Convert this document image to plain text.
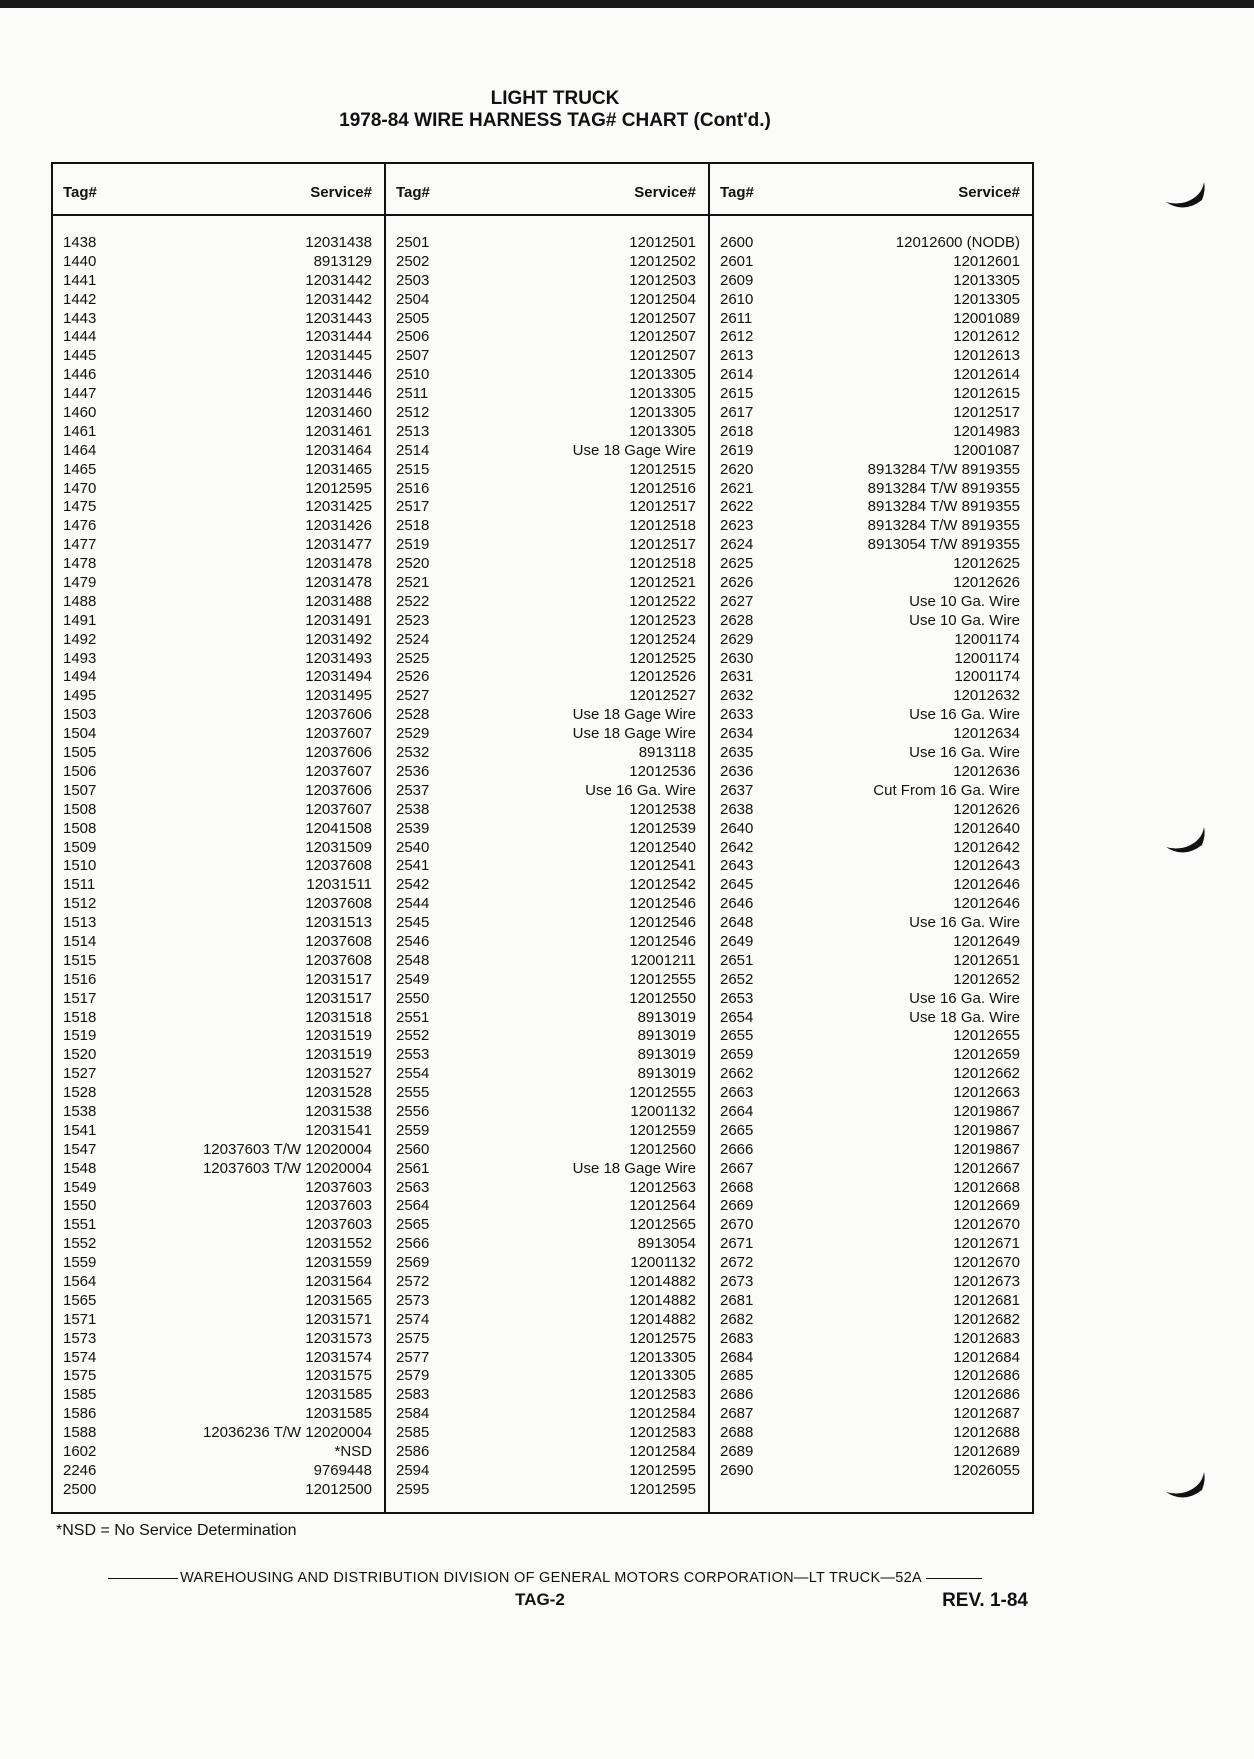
LIGHT TRUCK
1978-84 WIRE HARNESS TAG# CHART (Cont'd.)
Tag#	Service#
1438	12031438
1440	8913129
1441	12031442
1442	12031442
1443	12031443
1444	12031444
1445	12031445
1446	12031446
1447	12031446
1460	12031460
1461	12031461
1464	12031464
1465	12031465
1470	12012595
1475	12031425
1476	12031426
1477	12031477
1478	12031478
1479	12031478
1488	12031488
1491	12031491
1492	12031492
1493	12031493
1494	12031494
1495	12031495
1503	12037606
1504	12037607
1505	12037606
1506	12037607
1507	12037606
1508	12037607
1508	12041508
1509	12031509
1510	12037608
1511	12031511
1512	12037608
1513	12031513
1514	12037608
1515	12037608
1516	12031517
1517	12031517
1518	12031518
1519	12031519
1520	12031519
1527	12031527
1528	12031528
1538	12031538
1541	12031541
1547	12037603 T/W 12020004
1548	12037603 T/W 12020004
1549	12037603
1550	12037603
1551	12037603
1552	12031552
1559	12031559
1564	12031564
1565	12031565
1571	12031571
1573	12031573
1574	12031574
1575	12031575
1585	12031585
1586	12031585
1588	12036236 T/W 12020004
1602	*NSD
2246	9769448
2500	12012500
Tag#	Service#
2501	12012501
2502	12012502
2503	12012503
2504	12012504
2505	12012507
2506	12012507
2507	12012507
2510	12013305
2511	12013305
2512	12013305
2513	12013305
2514	Use 18 Gage Wire
2515	12012515
2516	12012516
2517	12012517
2518	12012518
2519	12012517
2520	12012518
2521	12012521
2522	12012522
2523	12012523
2524	12012524
2525	12012525
2526	12012526
2527	12012527
2528	Use 18 Gage Wire
2529	Use 18 Gage Wire
2532	8913118
2536	12012536
2537	Use 16 Ga. Wire
2538	12012538
2539	12012539
2540	12012540
2541	12012541
2542	12012542
2544	12012546
2545	12012546
2546	12012546
2548	12001211
2549	12012555
2550	12012550
2551	8913019
2552	8913019
2553	8913019
2554	8913019
2555	12012555
2556	12001132
2559	12012559
2560	12012560
2561	Use 18 Gage Wire
2563	12012563
2564	12012564
2565	12012565
2566	8913054
2569	12001132
2572	12014882
2573	12014882
2574	12014882
2575	12012575
2577	12013305
2579	12013305
2583	12012583
2584	12012584
2585	12012583
2586	12012584
2594	12012595
2595	12012595
Tag#	Service#
2600	12012600 (NODB)
2601	12012601
2609	12013305
2610	12013305
2611	12001089
2612	12012612
2613	12012613
2614	12012614
2615	12012615
2617	12012517
2618	12014983
2619	12001087
2620	8913284 T/W 8919355
2621	8913284 T/W 8919355
2622	8913284 T/W 8919355
2623	8913284 T/W 8919355
2624	8913054 T/W 8919355
2625	12012625
2626	12012626
2627	Use 10 Ga. Wire
2628	Use 10 Ga. Wire
2629	12001174
2630	12001174
2631	12001174
2632	12012632
2633	Use 16 Ga. Wire
2634	12012634
2635	Use 16 Ga. Wire
2636	12012636
2637	Cut From 16 Ga. Wire
2638	12012626
2640	12012640
2642	12012642
2643	12012643
2645	12012646
2646	12012646
2648	Use 16 Ga. Wire
2649	12012649
2651	12012651
2652	12012652
2653	Use 16 Ga. Wire
2654	Use 18 Ga. Wire
2655	12012655
2659	12012659
2662	12012662
2663	12012663
2664	12019867
2665	12019867
2666	12019867
2667	12012667
2668	12012668
2669	12012669
2670	12012670
2671	12012671
2672	12012670
2673	12012673
2681	12012681
2682	12012682
2683	12012683
2684	12012684
2685	12012686
2686	12012686
2687	12012687
2688	12012688
2689	12012689
2690	12026055
*NSD = No Service Determination
WAREHOUSING AND DISTRIBUTION DIVISION OF GENERAL MOTORS CORPORATION—LT TRUCK—52A
TAG-2	REV. 1-84
